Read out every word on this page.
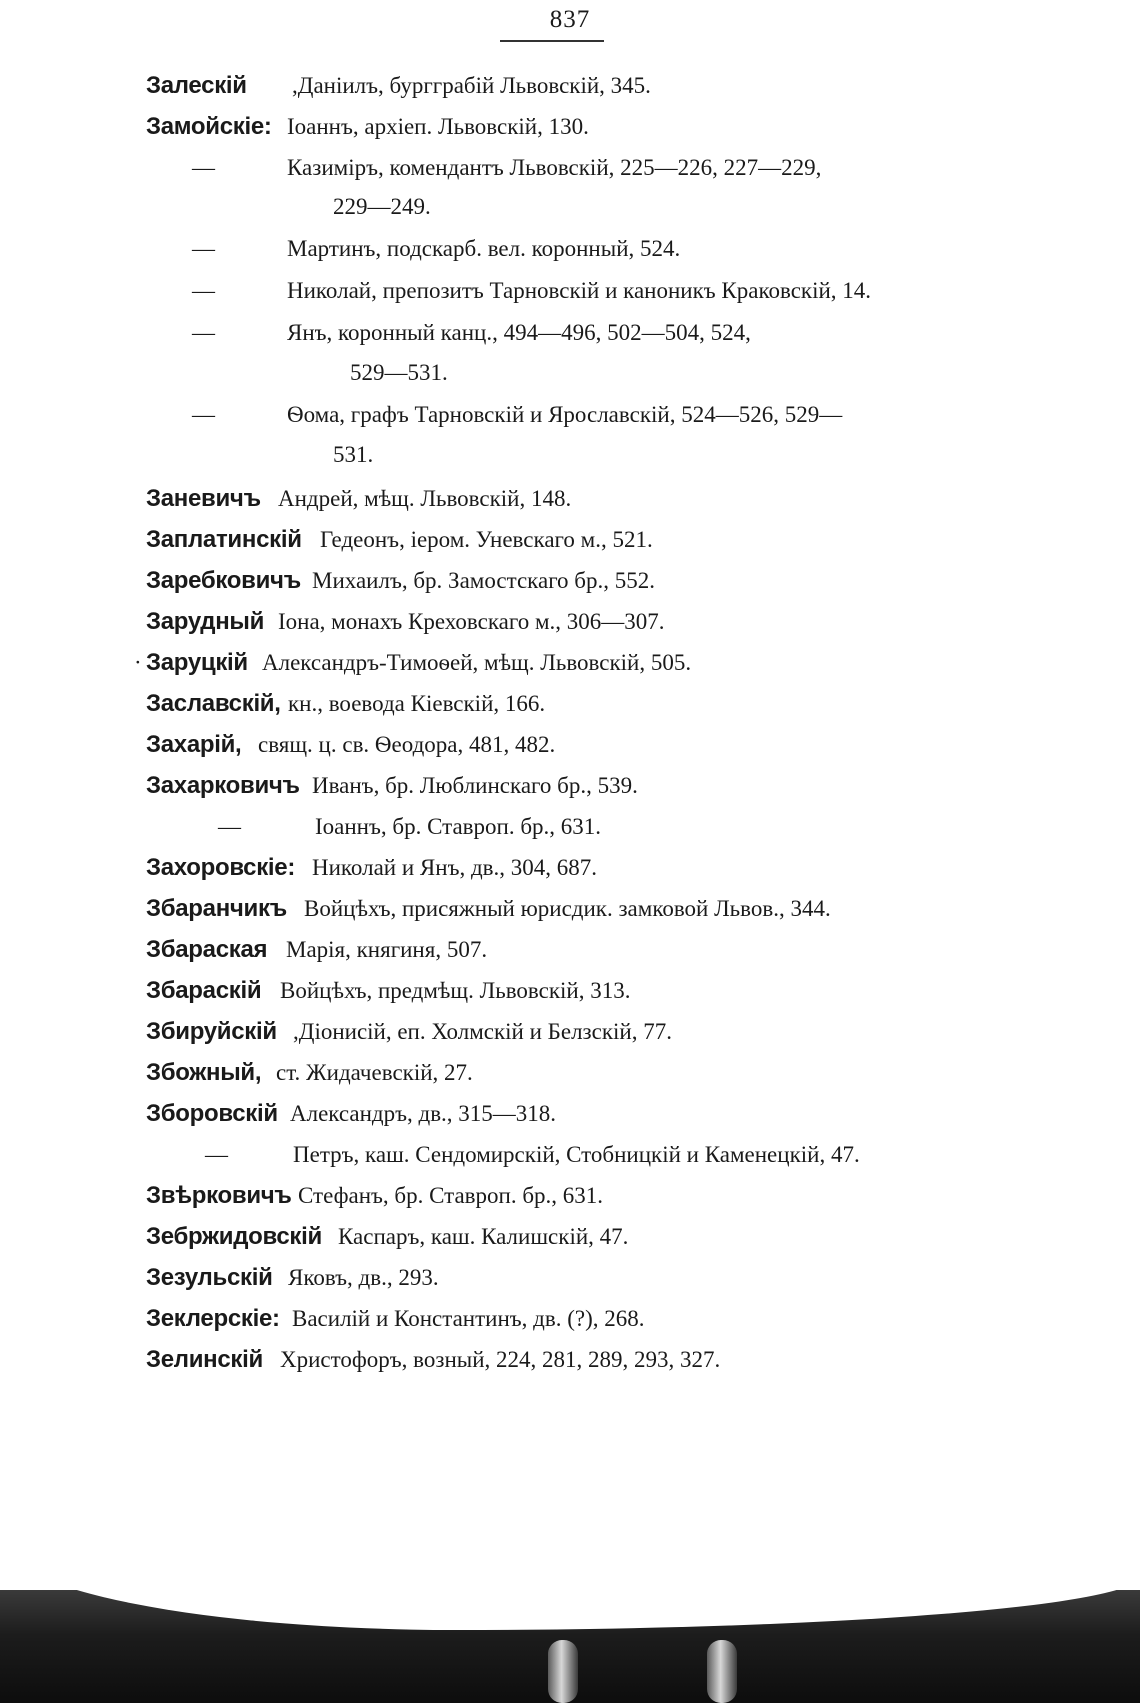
837
Залескій ,Данiилъ, бургграбій Львовскій, 345.
Замойскіе: Іоаннъ, архіеп. Львовскій, 130.
—	Казимiръ, комендантъ Львовскій, 225—226, 227—229,
229—249.
—	Мартинъ, подскарб. вел. коронный, 524.
—	Николай, препозитъ Тарновскій и каноникъ Краковскій, 14.
—	Янъ, коронный канц., 494—496, 502—504, 524,
529—531.
—	Ѳома, графъ Тарновскій и Ярославскій, 524—526, 529—
531.
Заневичъ Андрей, мѣщ. Львовскій, 148.
Заплатинскій Гедеонъ, іером. Уневскаго м., 521.
Заребковичъ Михаилъ, бр. Замостскаго бр., 552.
Зарудный Іона, монахъ Креховскаго м., 306—307.
· Заруцкій Александръ-Тимоѳей, мѣщ. Львовскій, 505.
Заславскій, кн., воевода Кіевскій, 166.
Захарій, свящ. ц. св. Ѳеодора, 481, 482.
Захарковичъ Иванъ, бр. Люблинскаго бр., 539.
—	Іоаннъ, бр. Ставроп. бр., 631.
Захоровскіе: Николай и Янъ, дв., 304, 687.
Збаранчикъ Войцѣхъ, присяжный юрисдик. замковой Львов., 344.
Збараская Марія, княгиня, 507.
Збараскій Войцѣхъ, предмѣщ. Львовскій, 313.
Збируйскій ,Діонисій, еп. Холмскій и Белзскій, 77.
Збожный, ст. Жидачевскій, 27.
Зборовскій Александръ, дв., 315—318.
—	Петръ, каш. Сендомирскій, Стобницкій и Каменецкій, 47.
Звѣрковичъ Стефанъ, бр. Ставроп. бр., 631.
Зебржидовскій Каспаръ, каш. Калишскій, 47.
Зезульскій Яковъ, дв., 293.
Зеклерскіе: Василій и Константинъ, дв. (?), 268.
Зелинскій Христофоръ, возный, 224, 281, 289, 293, 327.
